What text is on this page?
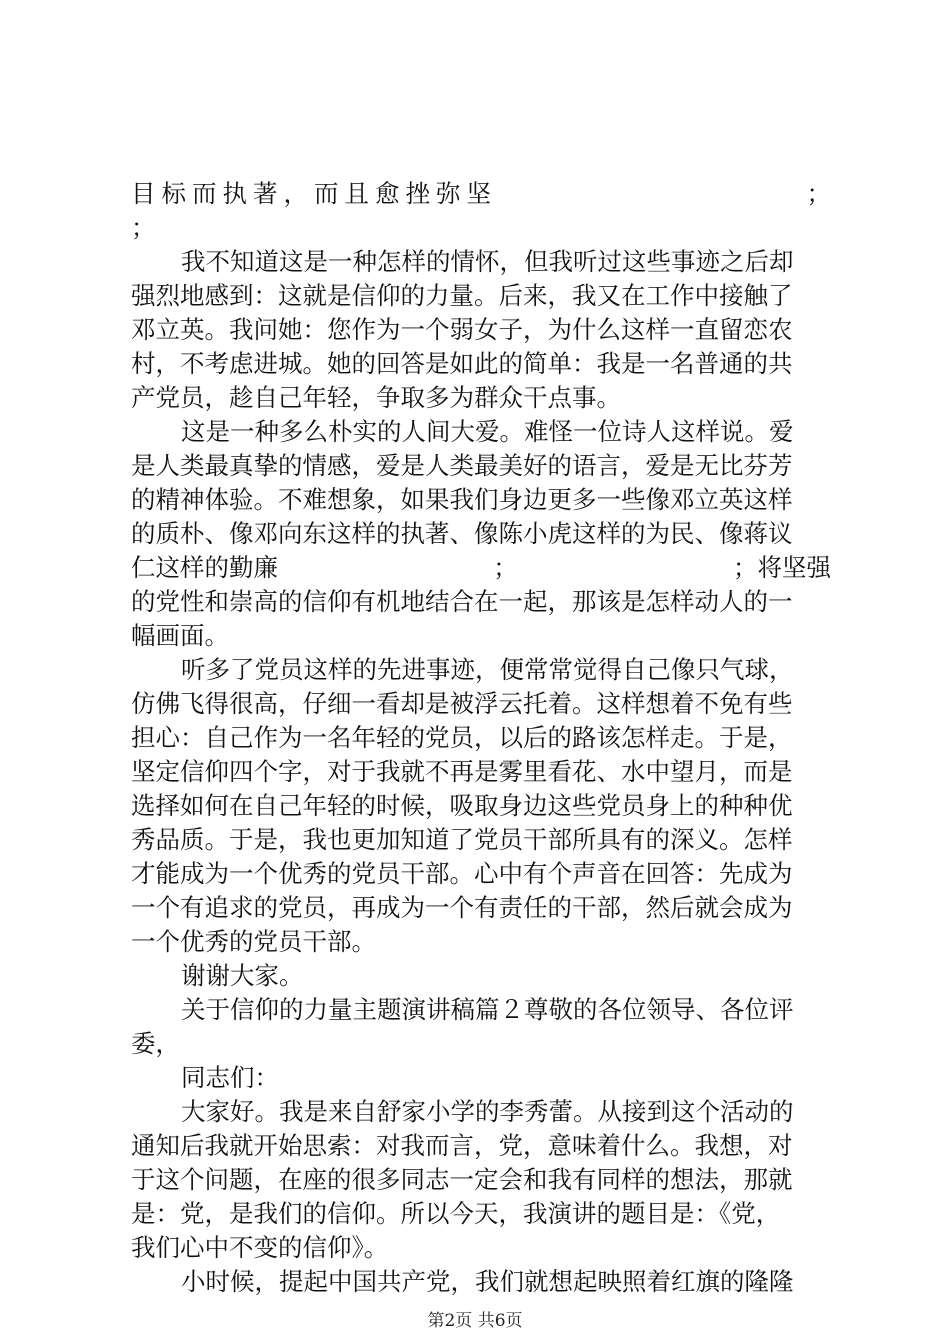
目标而执著，而且愈挫弥坚	；
；
我不知道这是一种怎样的情怀，但我听过这些事迹之后却
强烈地感到：这就是信仰的力量。后来，我又在工作中接触了
邓立英。我问她：您作为一个弱女子，为什么这样一直留恋农
村，不考虑进城。她的回答是如此的简单：我是一名普通的共
产党员，趁自己年轻，争取多为群众干点事。
这是一种多么朴实的人间大爱。难怪一位诗人这样说。爱
是人类最真挚的情感，爱是人类最美好的语言，爱是无比芬芳
的精神体验。不难想象，如果我们身边更多一些像邓立英这样
的质朴、像邓向东这样的执著、像陈小虎这样的为民、像蒋议
仁这样的勤廉	；	；将坚强
的党性和崇高的信仰有机地结合在一起，那该是怎样动人的一
幅画面。
听多了党员这样的先进事迹，便常常觉得自己像只气球，
仿佛飞得很高，仔细一看却是被浮云托着。这样想着不免有些
担心：自己作为一名年轻的党员，以后的路该怎样走。于是，
坚定信仰四个字，对于我就不再是雾里看花、水中望月，而是
选择如何在自己年轻的时候，吸取身边这些党员身上的种种优
秀品质。于是，我也更加知道了党员干部所具有的深义。怎样
才能成为一个优秀的党员干部。心中有个声音在回答：先成为
一个有追求的党员，再成为一个有责任的干部，然后就会成为
一个优秀的党员干部。
谢谢大家。
关于信仰的力量主题演讲稿篇２尊敬的各位领导、各位评
委，
同志们：
大家好。我是来自舒家小学的李秀蕾。从接到这个活动的
通知后我就开始思索：对我而言，党，意味着什么。我想，对
于这个问题，在座的很多同志一定会和我有同样的想法，那就
是：党，是我们的信仰。所以今天，我演讲的题目是：《党，
我们心中不变的信仰》。
小时候，提起中国共产党，我们就想起映照着红旗的隆隆
第2页 共6页
